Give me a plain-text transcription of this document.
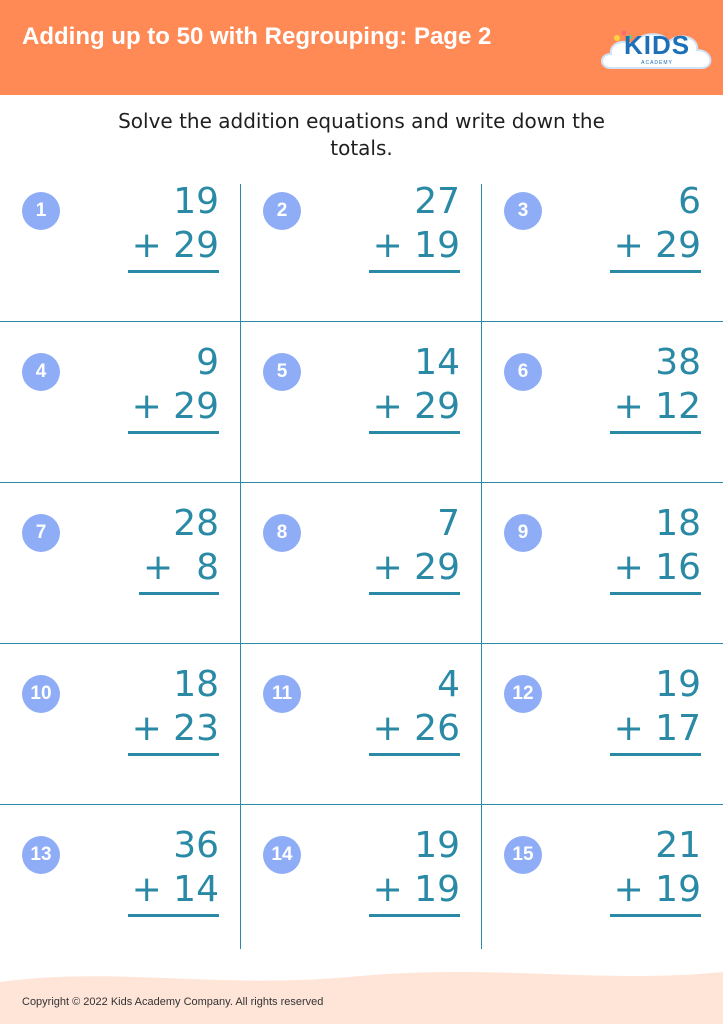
Adding up to 50 with Regrouping: Page 2	KIDS
ACADEMY
Solve the addition equations and write down the totals.
1	19
+ 29
2	27
+ 19
3	6
+ 29
4	9
+ 29
5	14
+ 29
6	38
+ 12
7	28
+  8
8	7
+ 29
9	18
+ 16
10	18
+ 23
11	4
+ 26
12	19
+ 17
13	36
+ 14
14	19
+ 19
15	21
+ 19
Copyright © 2022 Kids Academy Company. All rights reserved
